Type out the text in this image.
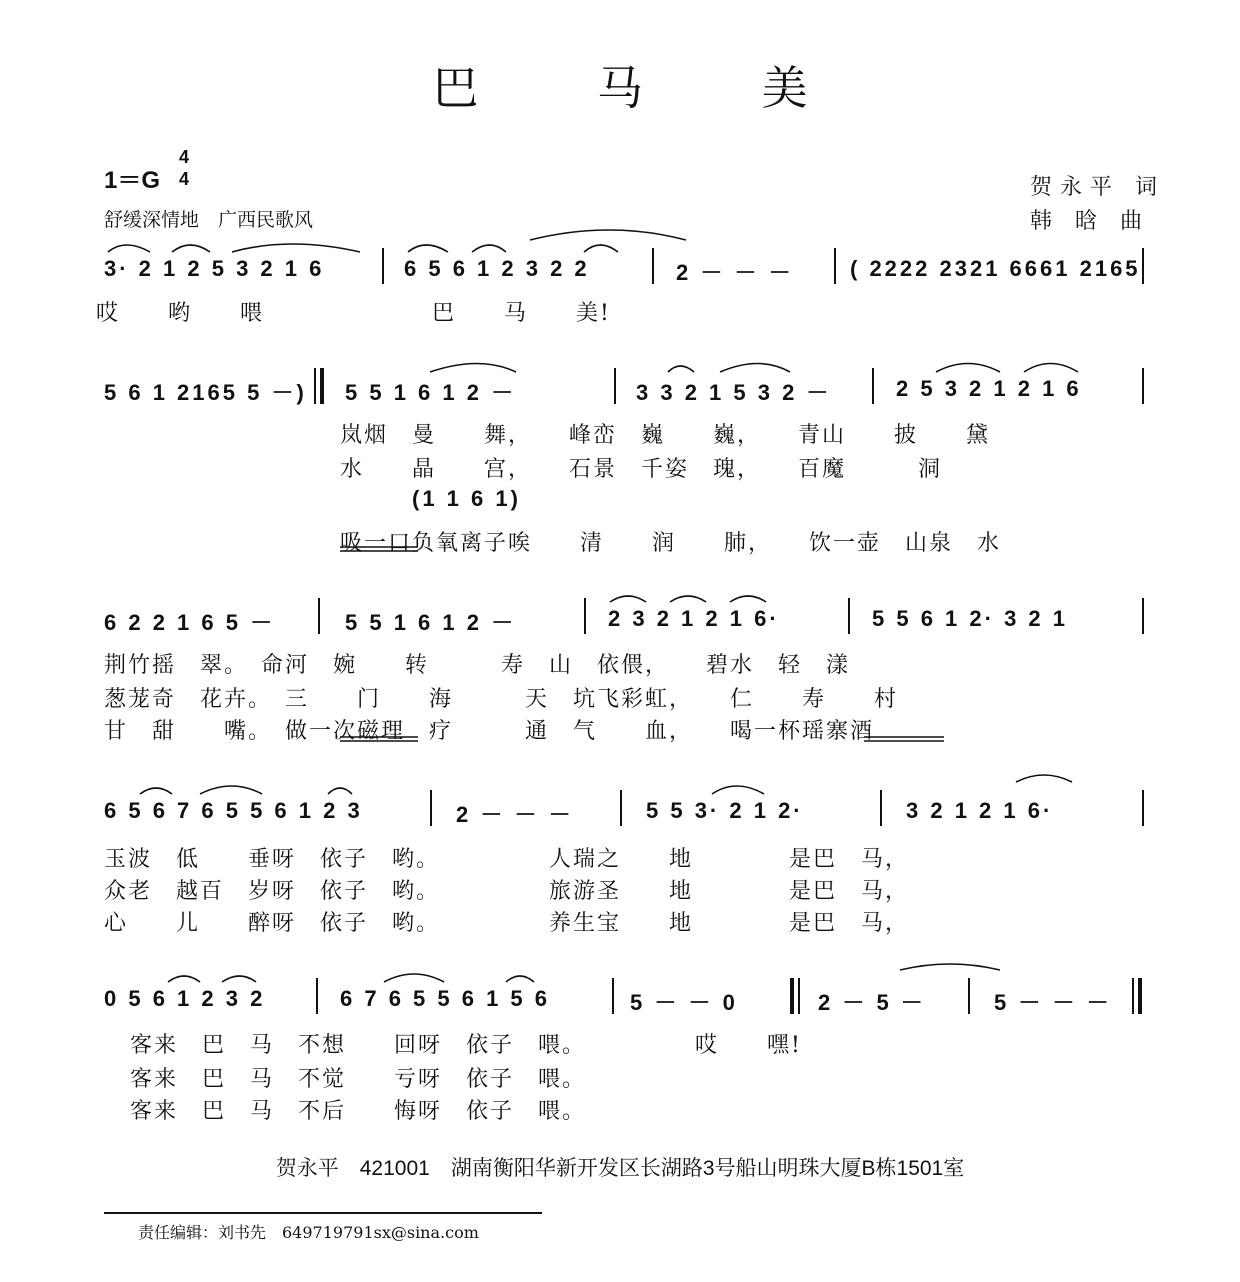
巴 马 美
1＝G
4
4
舒缓深情地　广西民歌风
贺永平 词
韩 晗 曲
3· 2 1 2 5 3 2 1 6	6 5 6 1 2 3 2 2	2 － － －	( 2222 2321 6661 2165
哎　　哟　　喂　　　　　　　巴　　马　　美!
5 6 1 2165 5 －) 5 5 1 6 1 2 －	3 3 2 1 5 3 2 －	2 5 3 2 1 2 1 6
岚烟　曼　　舞，　　峰峦　巍　　巍，　　青山　　披　　黛
水　　晶　　宫，　　石景　千姿　瑰，　　百魔　　　洞
(1 1 6 1)
吸一口负氧离子唉　　清　　润　　肺，　　饮一壶　山泉　水
6 2 2 1 6 5 －	5 5 1 6 1 2 －	2 3 2 1 2 1 6·	5 5 6 1 2· 3 2 1
荆竹摇　翠。　命河　婉　　转　　　寿　山　依偎，　　碧水　轻　漾
葱茏奇　花卉。　三　　门　　海　　　天　坑飞彩虹，　　仁　　寿　　村
甘　甜　　嘴。　做一次磁理　疗　　　通　气　　血，　　喝一杯瑶寨酒
6 5 6 7 6 5 5 6 1 2 3	2 － － －	5 5 3· 2 1 2·	3 2 1 2 1 6·
玉波　低　　垂呀　依子　哟。　　　　　人瑞之　　地　　　　是巴　马，
众老　越百　岁呀　依子　哟。　　　　　旅游圣　　地　　　　是巴　马，
心　　儿　　醉呀　依子　哟。　　　　　养生宝　　地　　　　是巴　马，
0 5 6 1 2 3 2	6 7 6 5 5 6 1 5 6	5 － － 0	2 － 5 －	5 － － －
客来　巴　马　不想　　回呀　依子　喂。　　　　　哎　　嘿!
客来　巴　马　不觉　　亏呀　依子　喂。
客来　巴　马　不后　　悔呀　依子　喂。
贺永平　421001　湖南衡阳华新开发区长湖路3号船山明珠大厦B栋1501室
责任编辑：刘书先　649719791sx@sina.com
